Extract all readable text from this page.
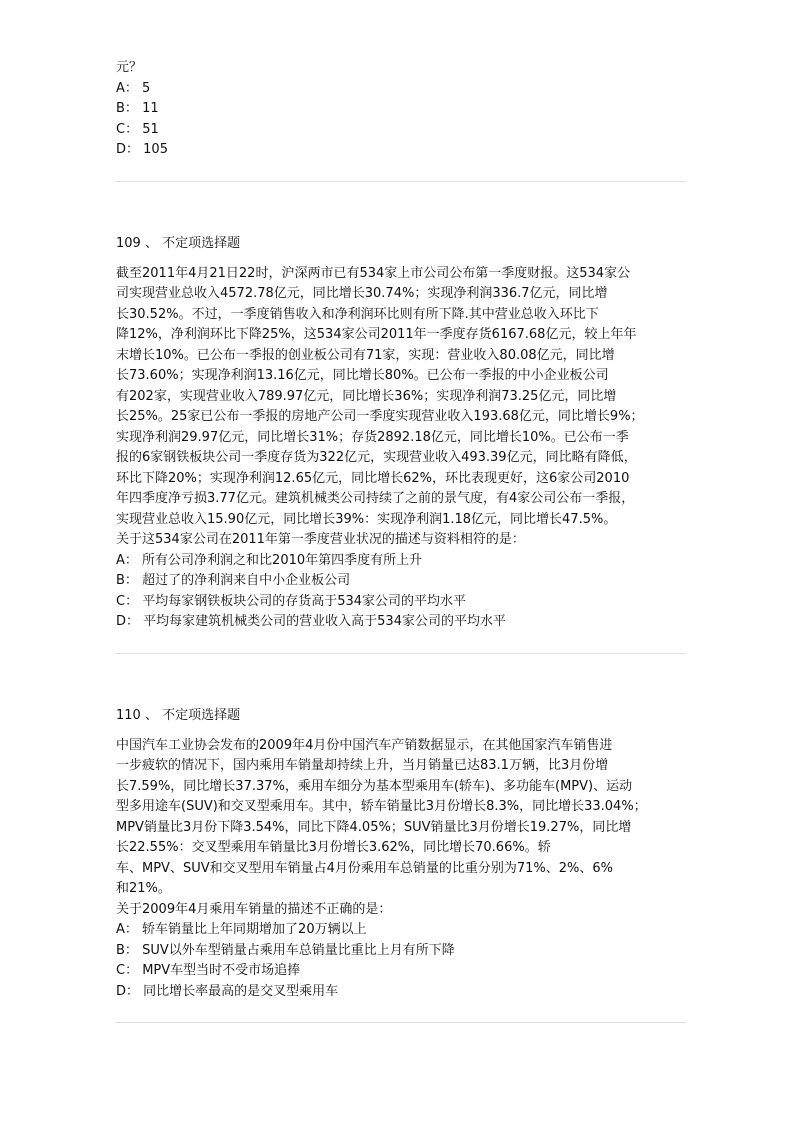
元？
A： 5
B： 11
C： 51
D： 105
109 、 不定项选择题
截至2011年4月21日22时，沪深两市已有534家上市公司公布第一季度财报。这534家公
司实现营业总收入4572.78亿元，同比增长30.74%；实现净利润336.7亿元，同比增
长30.52%。不过，一季度销售收入和净利润环比则有所下降.其中营业总收入环比下
降12%，净利润环比下降25%，这534家公司2011年一季度存货6167.68亿元，较上年年
末增长10%。已公布一季报的创业板公司有71家，实现：营业收入80.08亿元，同比增
长73.60%；实现净利润13.16亿元，同比增长80%。已公布一季报的中小企业板公司
有202家，实现营业收入789.97亿元，同比增长36%；实现净利润73.25亿元，同比增
长25%。25家已公布一季报的房地产公司一季度实现营业收入193.68亿元，同比增长9%；
实现净利润29.97亿元，同比增长31%；存货2892.18亿元，同比增长10%。已公布一季
报的6家钢铁板块公司一季度存货为322亿元，实现营业收入493.39亿元，同比略有降低，
环比下降20%；实现净利润12.65亿元，同比增长62%，环比表现更好，这6家公司2010
年四季度净亏损3.77亿元。建筑机械类公司持续了之前的景气度，有4家公司公布一季报，
实现营业总收入15.90亿元，同比增长39%：实现净利润1.18亿元，同比增长47.5%。
关于这534家公司在2011年第一季度营业状况的描述与资料相符的是：
A： 所有公司净利润之和比2010年第四季度有所上升
B： 超过了的净利润来自中小企业板公司
C： 平均每家钢铁板块公司的存货高于534家公司的平均水平
D： 平均每家建筑机械类公司的营业收入高于534家公司的平均水平
110 、 不定项选择题
中国汽车工业协会发布的2009年4月份中国汽车产销数据显示，在其他国家汽车销售进
一步疲软的情况下，国内乘用车销量却持续上升，当月销量已达83.1万辆，比3月份增
长7.59%，同比增长37.37%，乘用车细分为基本型乘用车(轿车)、多功能车(MPV)、运动
型多用途车(SUV)和交叉型乘用车。其中，轿车销量比3月份增长8.3%，同比增长33.04%；
MPV销量比3月份下降3.54%，同比下降4.05%；SUV销量比3月份增长19.27%，同比增
长22.55%：交叉型乘用车销量比3月份增长3.62%，同比增长70.66%。轿
车、MPV、SUV和交叉型用车销量占4月份乘用车总销量的比重分别为71%、2%、6%
和21%。
关于2009年4月乘用车销量的描述不正确的是：
A： 轿车销量比上年同期增加了20万辆以上
B： SUV以外车型销量占乘用车总销量比重比上月有所下降
C： MPV车型当时不受市场追捧
D： 同比增长率最高的是交叉型乘用车
